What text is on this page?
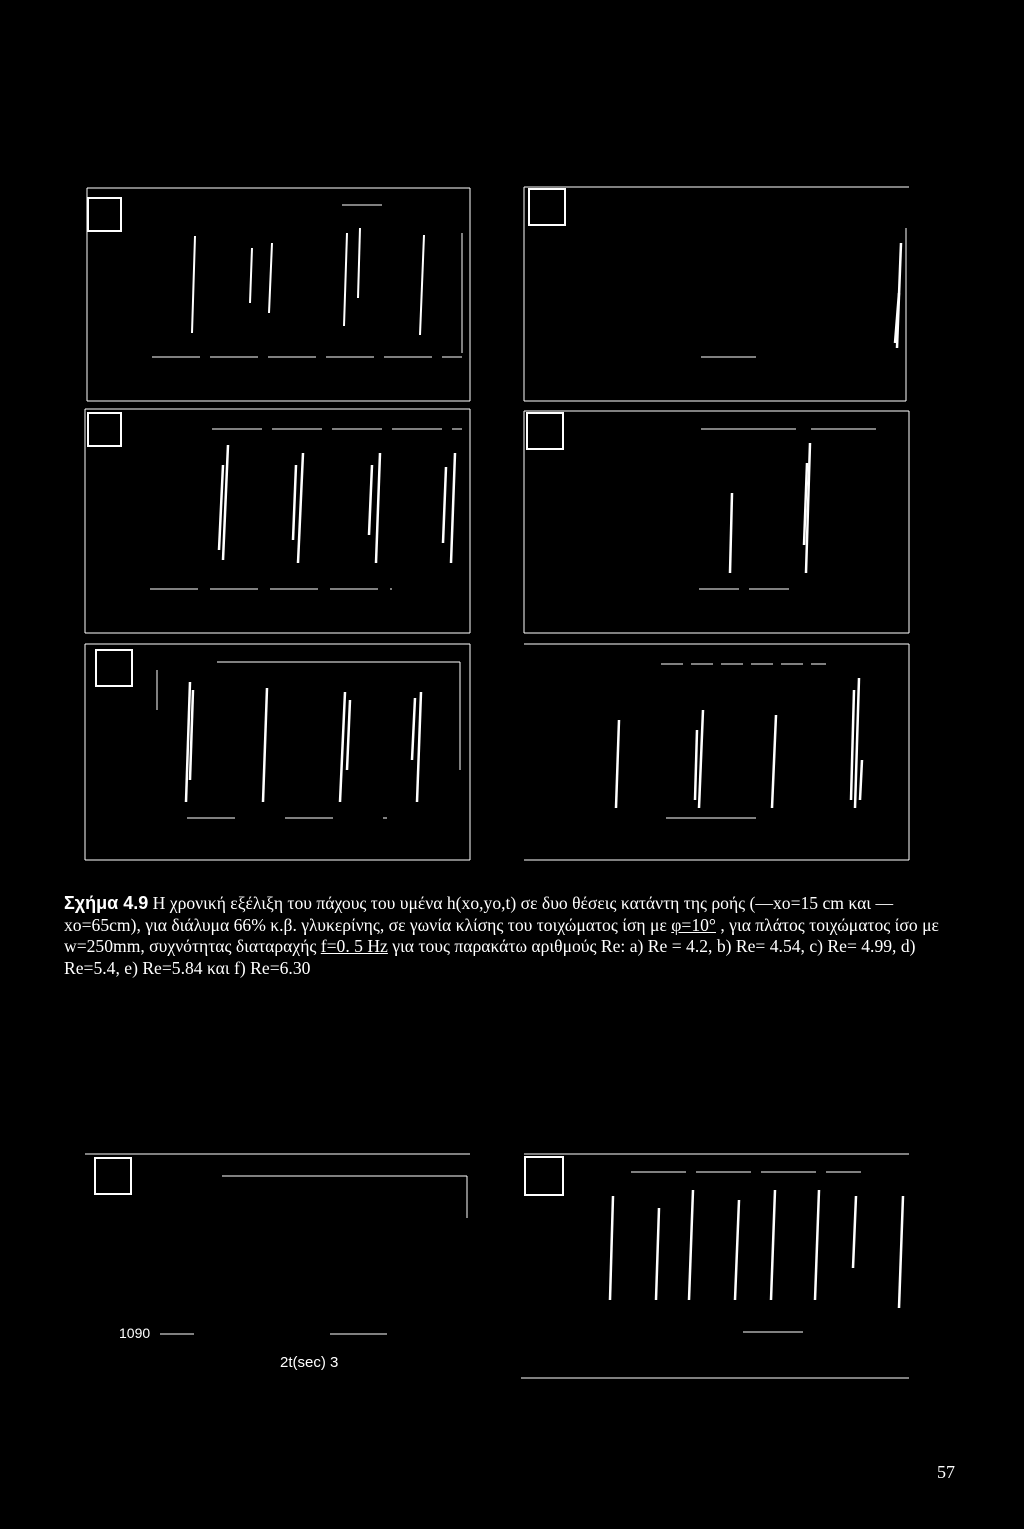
Σχήμα 4.9 Η χρονική εξέλιξη του πάχους του υμένα h(xo,yo,t) σε δυο θέσεις κατάντη της ροής (—xo=15 cm και — xo=65cm), για διάλυμα 66% κ.β. γλυκερίνης, σε γωνία κλίσης του τοιχώματος ίση με φ=10° , για πλάτος τοιχώματος ίσο με w=250mm, συχνότητας διαταραχής f=0. 5 Hz για τους παρακάτω αριθμούς Re: a) Re = 4.2, b) Re= 4.54, c) Re= 4.99, d) Re=5.4, e) Re=5.84 και f) Re=6.30
1090
2t(sec) 3
57
